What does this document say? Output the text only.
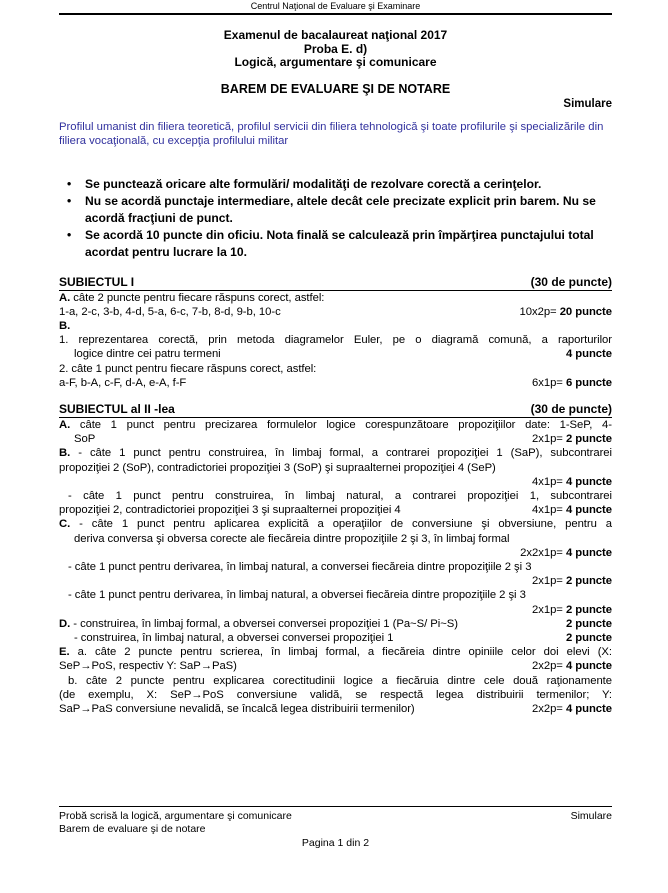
Centrul Naţional de Evaluare şi Examinare
Examenul de bacalaureat naţional 2017
Proba E. d)
Logică, argumentare şi comunicare
BAREM DE EVALUARE ŞI DE NOTARE
Simulare
Profilul umanist din filiera teoretică, profilul servicii din filiera tehnologică şi toate profilurile şi specializările din filiera vocaţională, cu excepţia profilului militar
•	Se punctează oricare alte formulări/ modalităţi de rezolvare corectă a cerinţelor.
•	Nu se acordă punctaje intermediare, altele decât cele precizate explicit prin barem. Nu se acordă fracţiuni de punct.
•	Se acordă 10 puncte din oficiu. Nota finală se calculează prin împărţirea punctajului total acordat pentru lucrare la 10.
SUBIECTUL I	(30 de puncte)
A. câte 2 puncte pentru fiecare răspuns corect, astfel:
1-a, 2-c, 3-b, 4-d, 5-a, 6-c, 7-b, 8-d, 9-b, 10-c	10x2p= 20 puncte
B.
1. reprezentarea corectă, prin metoda diagramelor Euler, pe o diagramă comună, a raporturilor
logice dintre cei patru termeni	4 puncte
2. câte 1 punct pentru fiecare răspuns corect, astfel:
a-F, b-A, c-F, d-A, e-A, f-F	6x1p= 6 puncte
SUBIECTUL al II -lea	(30 de puncte)
A. câte 1 punct pentru precizarea formulelor logice corespunzătoare propoziţiilor date: 1-SeP, 4-
SoP	2x1p= 2 puncte
B. - câte 1 punct pentru construirea, în limbaj formal, a contrarei propoziţiei 1 (SaP), subcontrarei
propoziţiei 2 (SoP), contradictoriei propoziţiei 3 (SoP) şi supraalternei propoziţiei 4 (SeP)
4x1p= 4 puncte
- câte 1 punct pentru construirea, în limbaj natural, a contrarei propoziţiei 1, subcontrarei
propoziţiei 2, contradictoriei propoziţiei 3 şi supraalternei propoziţiei 4	4x1p= 4 puncte
C. - câte 1 punct pentru aplicarea explicită a operaţiilor de conversiune şi obversiune, pentru a
deriva conversa şi obversa corecte ale fiecăreia dintre propoziţiile 2 şi 3, în limbaj formal
2x2x1p= 4 puncte
- câte 1 punct pentru derivarea, în limbaj natural, a conversei fiecăreia dintre propoziţiile 2 şi 3
2x1p= 2 puncte
- câte 1 punct pentru derivarea, în limbaj natural, a obversei fiecăreia dintre propoziţiile 2 şi 3
2x1p= 2 puncte
D. - construirea, în limbaj formal, a obversei conversei propoziţiei 1 (Pa~S/ Pi~S)	2 puncte
- construirea, în limbaj natural, a obversei conversei propoziţiei 1	2 puncte
E. a. câte 2 puncte pentru scrierea, în limbaj formal, a fiecăreia dintre opiniile celor doi elevi (X:
SeP→PoS, respectiv Y: SaP→PaS)	2x2p= 4 puncte
b. câte 2 puncte pentru explicarea corectitudinii logice a fiecăruia dintre cele două raţionamente
(de exemplu, X: SeP→PoS conversiune validă, se respectă legea distribuirii termenilor; Y:
SaP→PaS conversiune nevalidă, se încalcă legea distribuirii termenilor)	2x2p= 4 puncte
Probă scrisă la logică, argumentare şi comunicare	Simulare
Barem de evaluare şi de notare
Pagina 1 din 2
